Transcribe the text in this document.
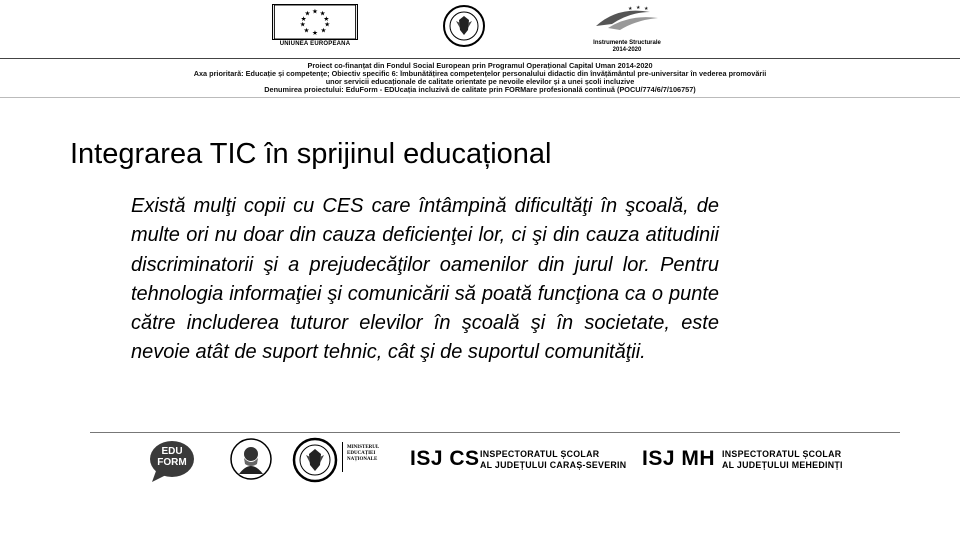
★ ★
★
★
★
★
★
★
★
★
UNIUNEA EUROPEANĂ
★ ★ ★
Instrumente Structurale
2014-2020
Proiect co-finanțat din Fondul Social European prin Programul Operațional Capital Uman 2014-2020
Axa prioritară: Educație și competențe; Obiectiv specific 6: Îmbunătățirea competențelor personalului didactic din învățământul pre-universitar în vederea promovării
unor servicii educaționale de calitate orientate pe nevoile elevilor și a unei școli incluzive
Denumirea proiectului: EduForm - EDUcația incluzivă de calitate prin FORMare profesională continuă (POCU/774/6/7/106757)
Integrarea TIC în sprijinul educațional
Există mulţi copii cu CES care întâmpină dificultăţi în şcoală, de multe ori nu doar din cauza deficienţei lor, ci şi din cauza atitudinii discriminatorii şi a prejudecăţilor oamenilor din jurul lor. Pentru tehnologia informaţiei şi comunicării să poată funcţiona ca o punte către includerea tuturor elevilor în şcoală şi în societate, este nevoie atât de suport tehnic, cât şi de suportul comunităţii.
EDU
FORM
MINISTERUL EDUCAȚIEI NAȚIONALE	ISJ CS INSPECTORATUL ȘCOLAR
AL JUDEȚULUI CARAȘ-SEVERIN ISJ MH INSPECTORATUL ȘCOLAR
AL JUDEȚULUI MEHEDINȚI
